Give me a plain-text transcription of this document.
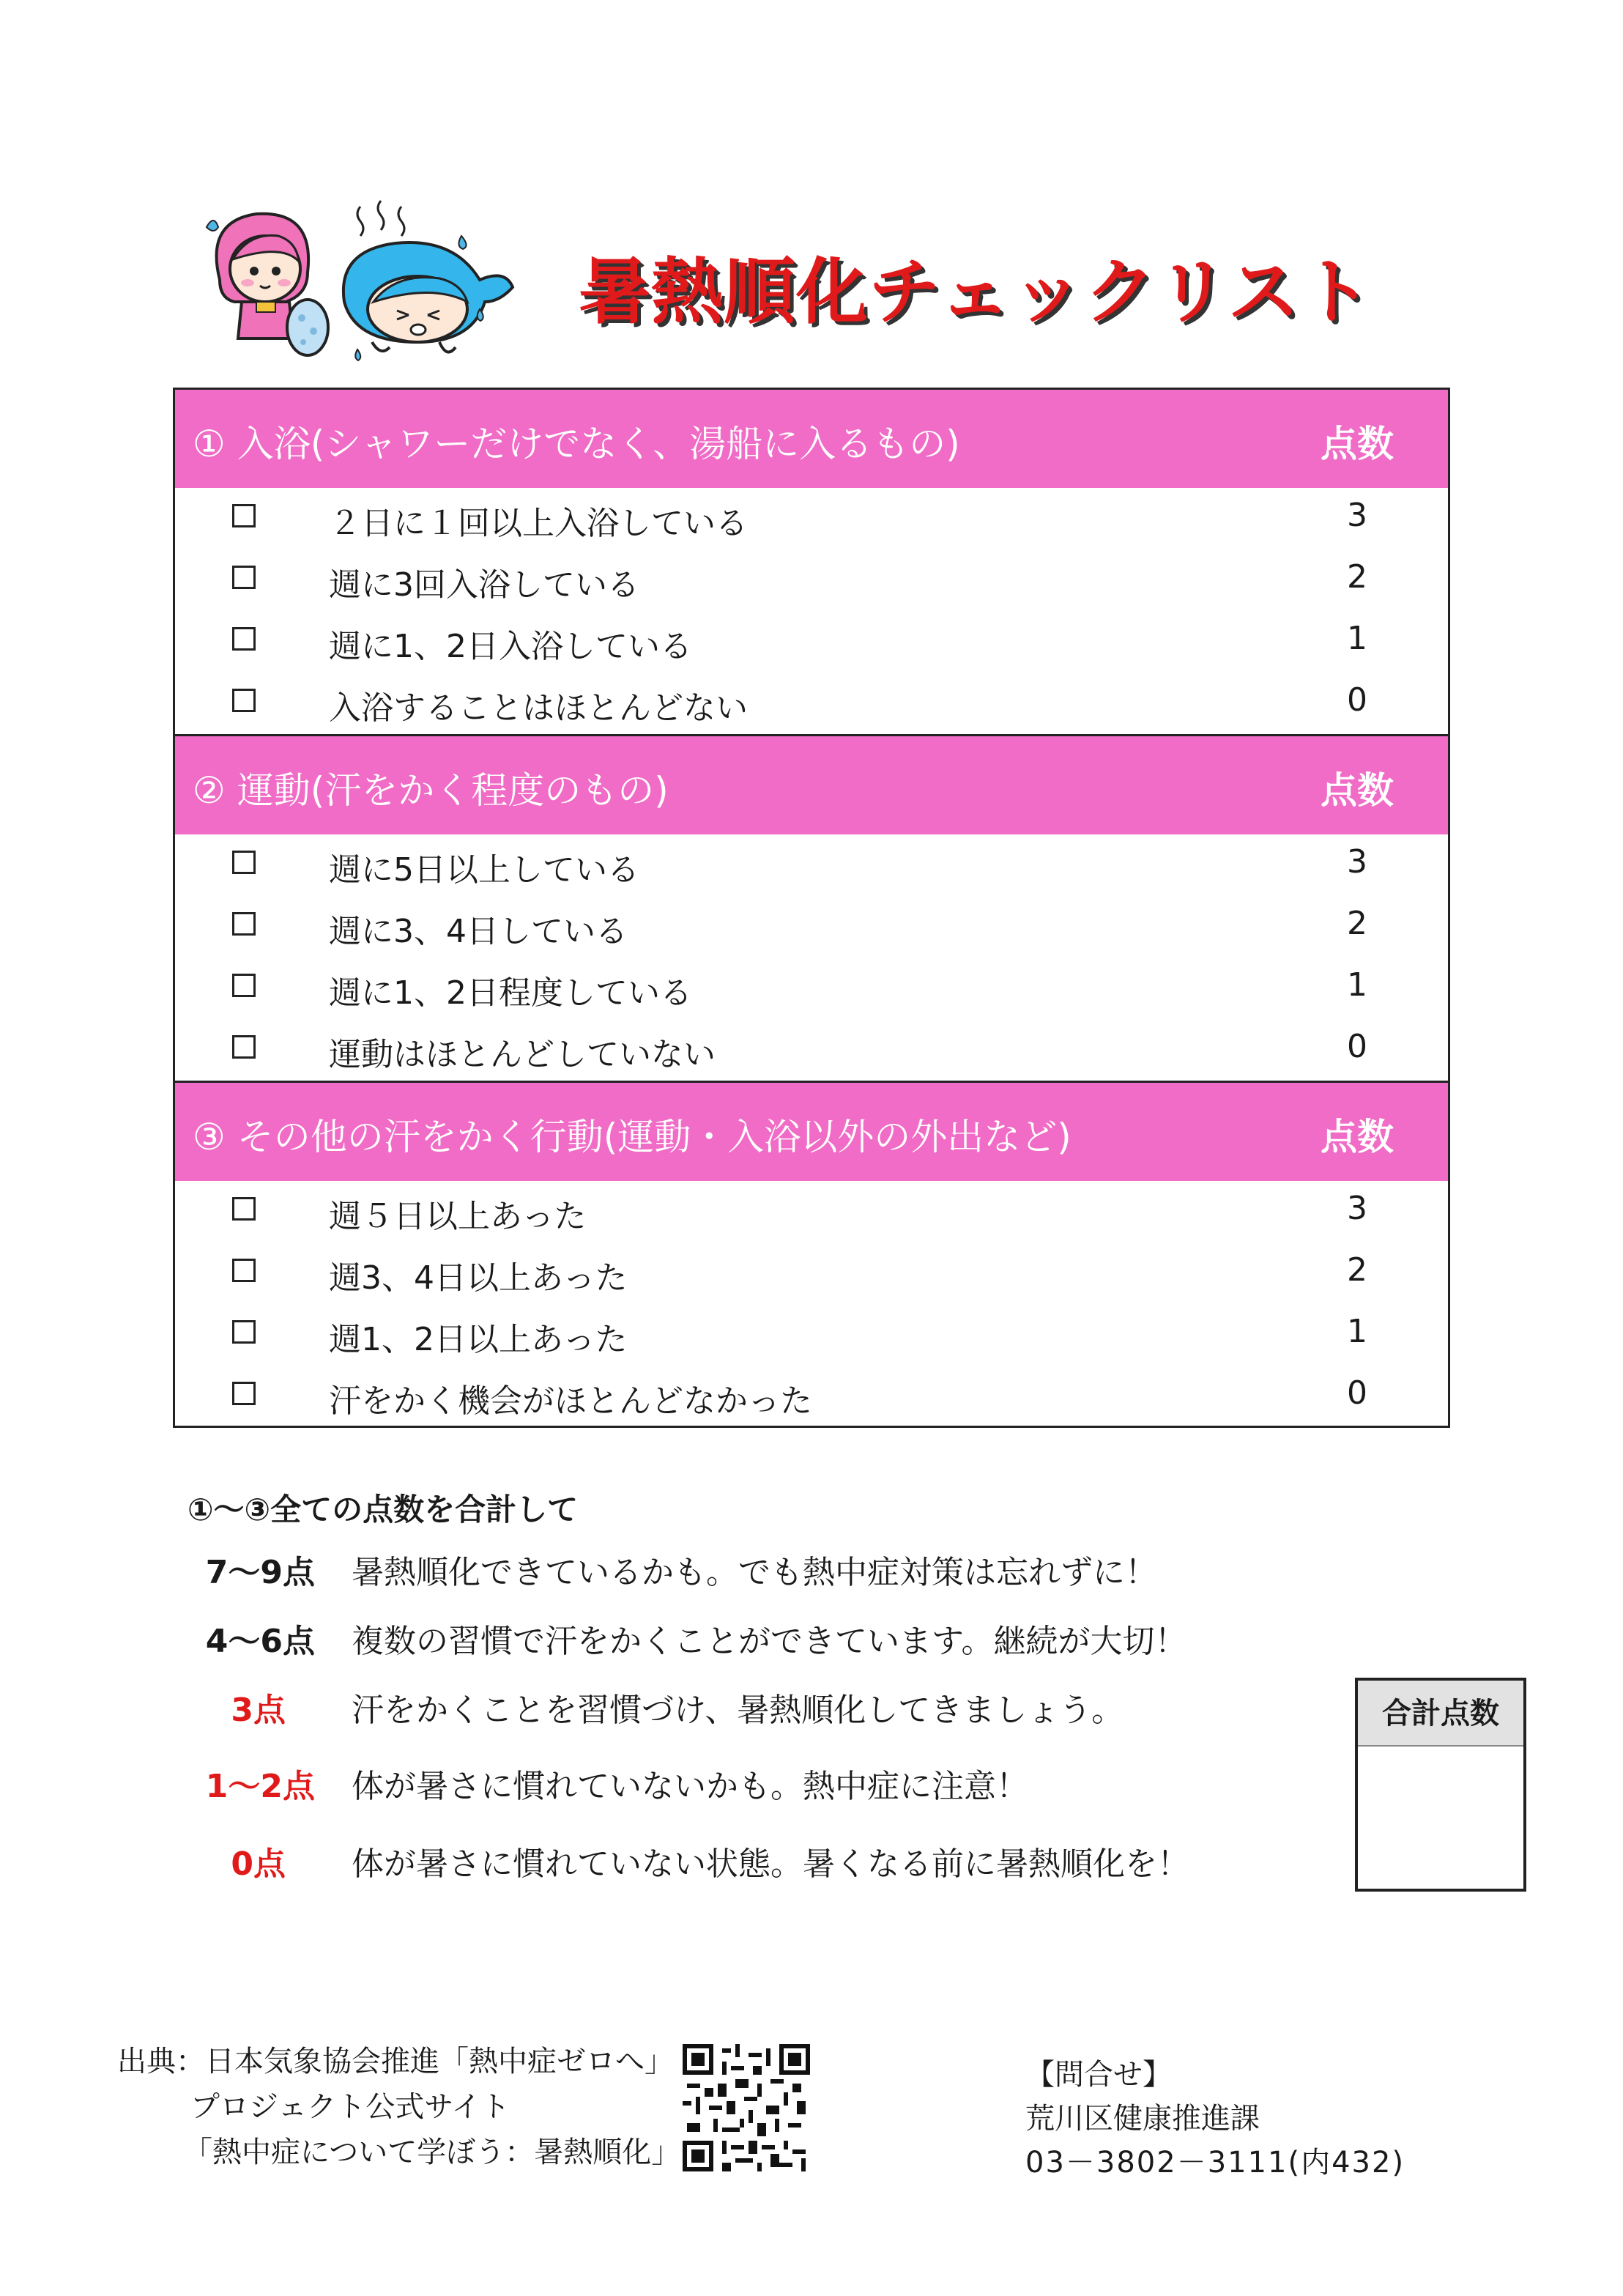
暑熱順化チェックリスト
① 入浴(シャワーだけでなく、湯船に入るもの)	点数
２日に１回以上入浴している	3
週に3回入浴している	2
週に1、2日入浴している	1
入浴することはほとんどない	0
② 運動(汗をかく程度のもの)	点数
週に5日以上している	3
週に3、4日している	2
週に1、2日程度している	1
運動はほとんどしていない	0
③ その他の汗をかく行動(運動・入浴以外の外出など)	点数
週５日以上あった	3
週3、4日以上あった	2
週1、2日以上あった	1
汗をかく機会がほとんどなかった	0
①～③全ての点数を合計して
7～9点 暑熱順化できているかも。でも熱中症対策は忘れずに！
4～6点 複数の習慣で汗をかくことができています。継続が大切！
3点 汗をかくことを習慣づけ、暑熱順化してきましょう。
1～2点 体が暑さに慣れていないかも。熱中症に注意！
0点 体が暑さに慣れていない状態。暑くなる前に暑熱順化を！
合計点数
出典：日本気象協会推進「熱中症ゼロへ」
プロジェクト公式サイト
「熱中症について学ぼう：暑熱順化」
【問合せ】
荒川区健康推進課
03－3802－3111(内432)
